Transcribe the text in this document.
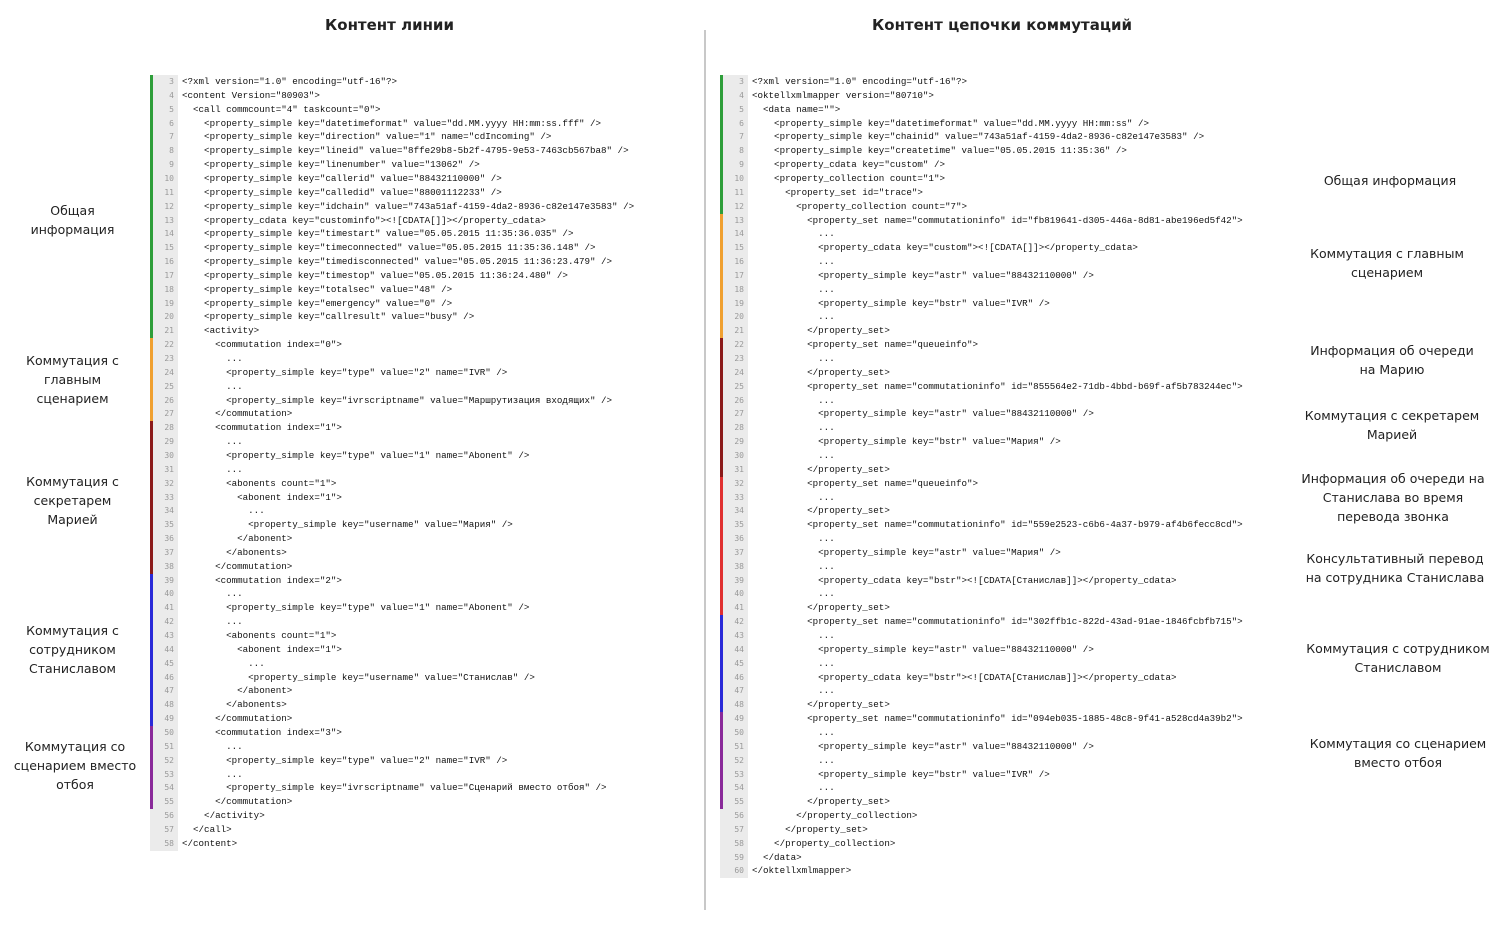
Контент линии	Контент цепочки коммутаций
3 <?xml version="1.0" encoding="utf-16"?>
4 <content Version="80903">
5 <call commcount="4" taskcount="0">
6 <property_simple key="datetimeformat" value="dd.MM.yyyy HH:mm:ss.fff" />
7 <property_simple key="direction" value="1" name="cdIncoming" />
8 <property_simple key="lineid" value="8ffe29b8-5b2f-4795-9e53-7463cb567ba8" />
9 <property_simple key="linenumber" value="13062" />
10 <property_simple key="callerid" value="88432110000" />
11 <property_simple key="calledid" value="88001112233" />
12 <property_simple key="idchain" value="743a51af-4159-4da2-8936-c82e147e3583" />
13 <property_cdata key="custominfo"><![CDATA[]]></property_cdata>
14 <property_simple key="timestart" value="05.05.2015 11:35:36.035" />
15 <property_simple key="timeconnected" value="05.05.2015 11:35:36.148" />
16 <property_simple key="timedisconnected" value="05.05.2015 11:36:23.479" />
17 <property_simple key="timestop" value="05.05.2015 11:36:24.480" />
18 <property_simple key="totalsec" value="48" />
19 <property_simple key="emergency" value="0" />
20 <property_simple key="callresult" value="busy" />
21 <activity>
22 <commutation index="0">
23 ...
24 <property_simple key="type" value="2" name="IVR" />
25 ...
26 <property_simple key="ivrscriptname" value="Маршрутизация входящих" />
27 </commutation>
28 <commutation index="1">
29 ...
30 <property_simple key="type" value="1" name="Abonent" />
31 ...
32 <abonents count="1">
33 <abonent index="1">
34 ...
35 <property_simple key="username" value="Мария" />
36 </abonent>
37 </abonents>
38 </commutation>
39 <commutation index="2">
40 ...
41 <property_simple key="type" value="1" name="Abonent" />
42 ...
43 <abonents count="1">
44 <abonent index="1">
45 ...
46 <property_simple key="username" value="Станислав" />
47 </abonent>
48 </abonents>
49 </commutation>
50 <commutation index="3">
51 ...
52 <property_simple key="type" value="2" name="IVR" />
53 ...
54 <property_simple key="ivrscriptname" value="Сценарий вместо отбоя" />
55 </commutation>
56 </activity>
57 </call>
58 </content>
3 <?xml version="1.0" encoding="utf-16"?>
4 <oktellxmlmapper version="80710">
5 <data name="">
6 <property_simple key="datetimeformat" value="dd.MM.yyyy HH:mm:ss" />
7 <property_simple key="chainid" value="743a51af-4159-4da2-8936-c82e147e3583" />
8 <property_simple key="createtime" value="05.05.2015 11:35:36" />
9 <property_cdata key="custom" />
10 <property_collection count="1">
11 <property_set id="trace">
12 <property_collection count="7">
13 <property_set name="commutationinfo" id="fb819641-d305-446a-8d81-abe196ed5f42">
14 ...
15 <property_cdata key="custom"><![CDATA[]]></property_cdata>
16 ...
17 <property_simple key="astr" value="88432110000" />
18 ...
19 <property_simple key="bstr" value="IVR" />
20 ...
21 </property_set>
22 <property_set name="queueinfo">
23 ...
24 </property_set>
25 <property_set name="commutationinfo" id="855564e2-71db-4bbd-b69f-af5b783244ec">
26 ...
27 <property_simple key="astr" value="88432110000" />
28 ...
29 <property_simple key="bstr" value="Мария" />
30 ...
31 </property_set>
32 <property_set name="queueinfo">
33 ...
34 </property_set>
35 <property_set name="commutationinfo" id="559e2523-c6b6-4a37-b979-af4b6fecc8cd">
36 ...
37 <property_simple key="astr" value="Мария" />
38 ...
39 <property_cdata key="bstr"><![CDATA[Станислав]]></property_cdata>
40 ...
41 </property_set>
42 <property_set name="commutationinfo" id="302ffb1c-822d-43ad-91ae-1846fcbfb715">
43 ...
44 <property_simple key="astr" value="88432110000" />
45 ...
46 <property_cdata key="bstr"><![CDATA[Станислав]]></property_cdata>
47 ...
48 </property_set>
49 <property_set name="commutationinfo" id="094eb035-1885-48c8-9f41-a528cd4a39b2">
50 ...
51 <property_simple key="astr" value="88432110000" />
52 ...
53 <property_simple key="bstr" value="IVR" />
54 ...
55 </property_set>
56 </property_collection>
57 </property_set>
58 </property_collection>
59 </data>
60 </oktellxmlmapper>
Общая
информация
Коммутация с
главным
сценарием
Коммутация с
секретарем
Марией
Коммутация с
сотрудником
Станиславом
Коммутация со
сценарием вместо
отбоя
Общая информация
Коммутация с главным
сценарием
Информация об очереди
на Марию
Коммутация с секретарем
Марией
Информация об очереди на
Станислава во время
перевода звонка
Консультативный перевод
на сотрудника Станислава
Коммутация с сотрудником
Станиславом
Коммутация со сценарием
вместо отбоя
